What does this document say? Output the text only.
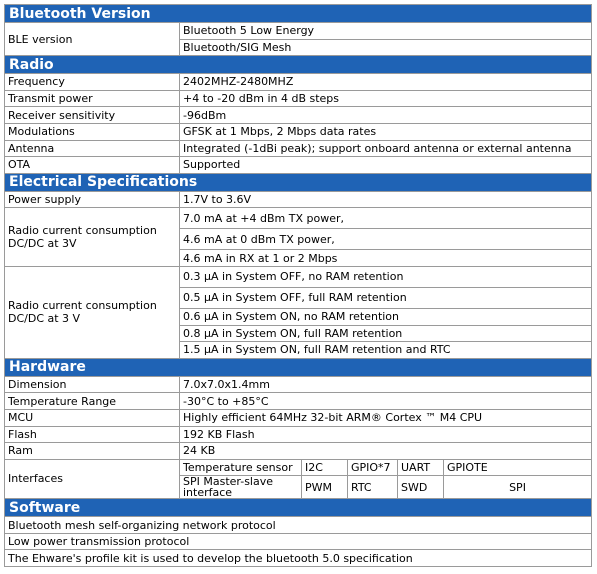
Bluetooth Version					
BLE version	Bluetooth 5 Low Energy				
	Bluetooth/SIG Mesh				
Radio					
Frequency	2402MHZ-2480MHZ				
Transmit power	+4 to -20 dBm in 4 dB steps				
Receiver sensitivity	-96dBm				
Modulations	GFSK at 1 Mbps, 2 Mbps data rates				
Antenna	Integrated (-1dBi peak); support onboard antenna or external antenna				
OTA	Supported				
Electrical Specifications					
Power supply	1.7V to 3.6V				
Radio current consumption
DC/DC at 3V	7.0 mA at +4 dBm TX power,				
	4.6 mA at 0 dBm TX power,				
	4.6 mA in RX at 1 or 2 Mbps				
Radio current consumption
DC/DC at 3 V	0.3 µA in System OFF, no RAM retention				
	0.5 µA in System OFF, full RAM retention				
	0.6 µA in System ON, no RAM retention				
	0.8 µA in System ON, full RAM retention				
	1.5 µA in System ON, full RAM retention and RTC				
Hardware					
Dimension	7.0x7.0x1.4mm				
Temperature Range	-30°C to +85°C				
MCU	Highly efficient 64MHz 32-bit ARM® Cortex ™ M4 CPU				
Flash	192 KB Flash				
Ram	24 KB				
Interfaces	Temperature sensor	I2C	GPIO*7	UART	GPIOTE
	SPI Master-slave interface	PWM	RTC	SWD	SPI
Software					
Bluetooth mesh self-organizing network protocol					
Low power transmission protocol					
The Ehware's profile kit is used to develop the bluetooth 5.0 specification					
